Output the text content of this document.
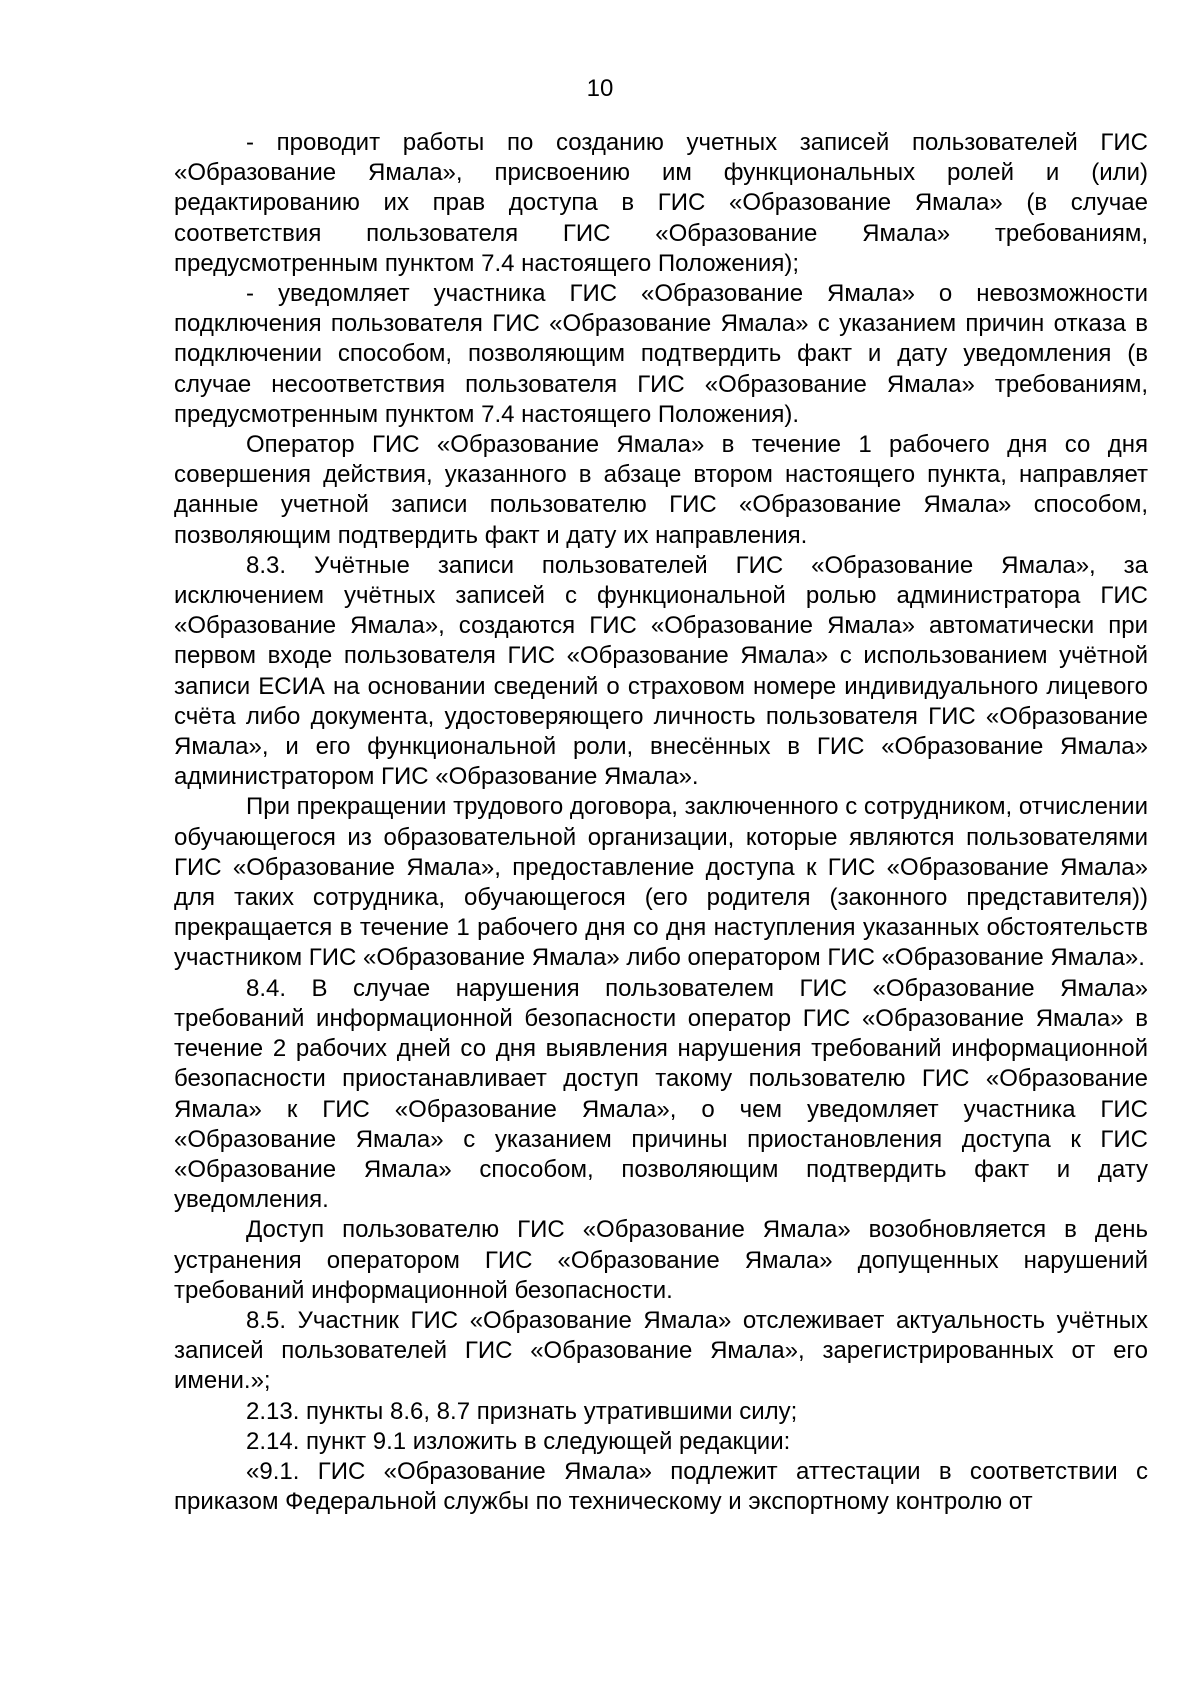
10

- проводит работы по созданию учетных записей пользователей ГИС «Образование Ямала», присвоению им функциональных ролей и (или) редактированию их прав доступа в ГИС «Образование Ямала» (в случае соответствия пользователя ГИС «Образование Ямала» требованиям, предусмотренным пунктом 7.4 настоящего Положения);

- уведомляет участника ГИС «Образование Ямала» о невозможности подключения пользователя ГИС «Образование Ямала» с указанием причин отказа в подключении способом, позволяющим подтвердить факт и дату уведомления (в случае несоответствия пользователя ГИС «Образование Ямала» требованиям, предусмотренным пунктом 7.4 настоящего Положения).

Оператор ГИС «Образование Ямала» в течение 1 рабочего дня со дня совершения действия, указанного в абзаце втором настоящего пункта, направляет данные учетной записи пользователю ГИС «Образование Ямала» способом, позволяющим подтвердить факт и дату их направления.

8.3. Учётные записи пользователей ГИС «Образование Ямала», за исключением учётных записей с функциональной ролью администратора ГИС «Образование Ямала», создаются ГИС «Образование Ямала» автоматически при первом входе пользователя ГИС «Образование Ямала» с использованием учётной записи ЕСИА на основании сведений о страховом номере индивидуального лицевого счёта либо документа, удостоверяющего личность пользователя ГИС «Образование Ямала», и его функциональной роли, внесённых в ГИС «Образование Ямала» администратором ГИС «Образование Ямала».

При прекращении трудового договора, заключенного с сотрудником, отчислении обучающегося из образовательной организации, которые являются пользователями ГИС «Образование Ямала», предоставление доступа к ГИС «Образование Ямала» для таких сотрудника, обучающегося (его родителя (законного представителя)) прекращается в течение 1 рабочего дня со дня наступления указанных обстоятельств участником ГИС «Образование Ямала» либо оператором ГИС «Образование Ямала».

8.4. В случае нарушения пользователем ГИС «Образование Ямала» требований информационной безопасности оператор ГИС «Образование Ямала» в течение 2 рабочих дней со дня выявления нарушения требований информационной безопасности приостанавливает доступ такому пользователю ГИС «Образование Ямала» к ГИС «Образование Ямала», о чем уведомляет участника ГИС «Образование Ямала» с указанием причины приостановления доступа к ГИС «Образование Ямала» способом, позволяющим подтвердить факт и дату уведомления.

Доступ пользователю ГИС «Образование Ямала» возобновляется в день устранения оператором ГИС «Образование Ямала» допущенных нарушений требований информационной безопасности.

8.5. Участник ГИС «Образование Ямала» отслеживает актуальность учётных записей пользователей ГИС «Образование Ямала», зарегистрированных от его имени.»;

2.13. пункты 8.6, 8.7 признать утратившими силу;

2.14. пункт 9.1 изложить в следующей редакции:

«9.1. ГИС «Образование Ямала» подлежит аттестации в соответствии с приказом Федеральной службы по техническому и экспортному контролю от
